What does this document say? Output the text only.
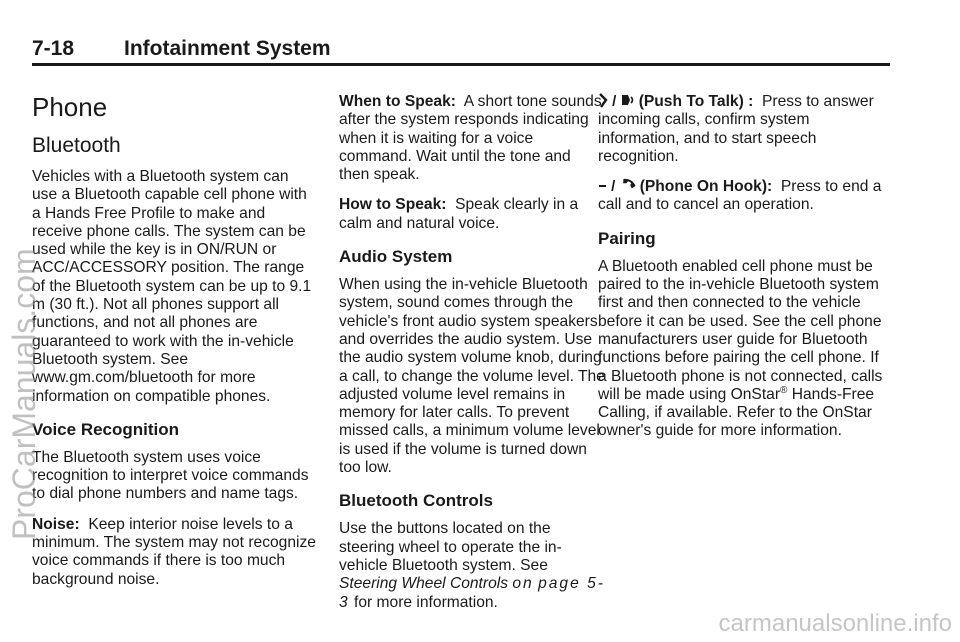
7-18 Infotainment System
Phone
Bluetooth

Vehicles with a Bluetooth system can use a Bluetooth capable cell phone with a Hands Free Profile to make and receive phone calls. The system can be used while the key is in ON/RUN or ACC/ACCESSORY position. The range of the Bluetooth system can be up to 9.1 m (30 ft.). Not all phones support all functions, and not all phones are guaranteed to work with the in-vehicle Bluetooth system. See www.gm.com/bluetooth for more information on compatible phones.

Voice Recognition

The Bluetooth system uses voice recognition to interpret voice commands to dial phone numbers and name tags.

Noise: Keep interior noise levels to a minimum. The system may not recognize voice commands if there is too much background noise.

When to Speak: A short tone sounds after the system responds indicating when it is waiting for a voice command. Wait until the tone and then speak.

How to Speak: Speak clearly in a calm and natural voice.

Audio System

When using the in-vehicle Bluetooth system, sound comes through the vehicle's front audio system speakers and overrides the audio system. Use the audio system volume knob, during a call, to change the volume level. The adjusted volume level remains in memory for later calls. To prevent missed calls, a minimum volume level is used if the volume is turned down too low.

Bluetooth Controls

Use the buttons located on the steering wheel to operate the in-vehicle Bluetooth system. See Steering Wheel Controls on page 5-3 for more information.

/  (Push To Talk) : Press to answer incoming calls, confirm system information, and to start speech recognition.

/  (Phone On Hook): Press to end a call and to cancel an operation.

Pairing

A Bluetooth enabled cell phone must be paired to the in-vehicle Bluetooth system first and then connected to the vehicle before it can be used. See the cell phone manufacturers user guide for Bluetooth functions before pairing the cell phone. If a Bluetooth phone is not connected, calls will be made using OnStar® Hands-Free Calling, if available. Refer to the OnStar owner's guide for more information.

ProCarManuals.com
carmanualsonline.info
